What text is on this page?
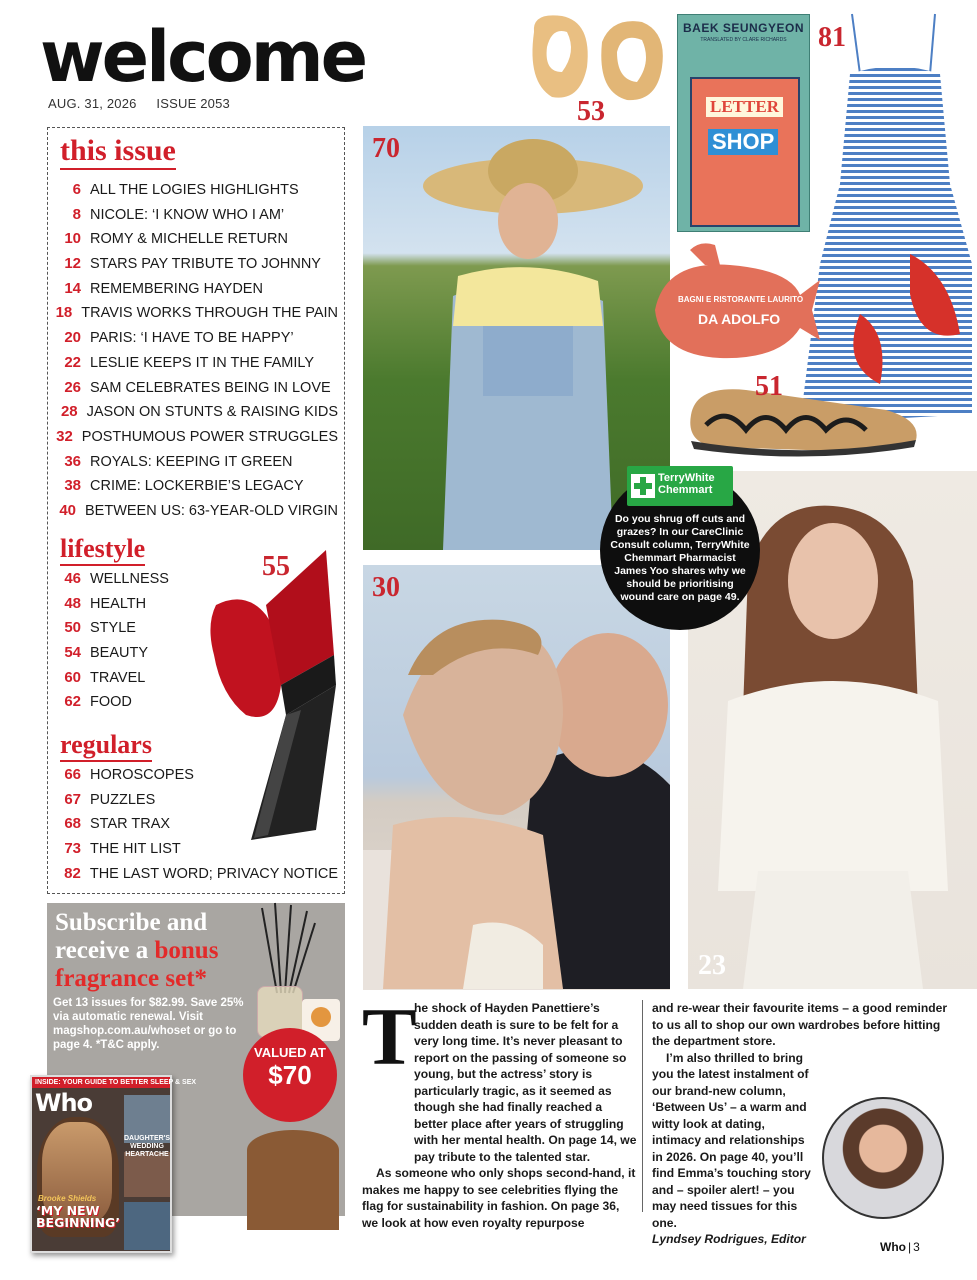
welcome
AUG. 31, 2026 ISSUE 2053
this issue
6 ALL THE LOGIES HIGHLIGHTS
8 NICOLE: ‘I KNOW WHO I AM’
10 ROMY & MICHELLE RETURN
12 STARS PAY TRIBUTE TO JOHNNY
14 REMEMBERING HAYDEN
18 TRAVIS WORKS THROUGH THE PAIN
20 PARIS: ‘I HAVE TO BE HAPPY’
22 LESLIE KEEPS IT IN THE FAMILY
26 SAM CELEBRATES BEING IN LOVE
28 JASON ON STUNTS & RAISING KIDS
32 POSTHUMOUS POWER STRUGGLES
36 ROYALS: KEEPING IT GREEN
38 CRIME: LOCKERBIE’S LEGACY
40 BETWEEN US: 63-YEAR-OLD VIRGIN
lifestyle
46 WELLNESS
48 HEALTH
50 STYLE
54 BEAUTY
60 TRAVEL
62 FOOD
regulars
66 HOROSCOPES
67 PUZZLES
68 STAR TRAX
73 THE HIT LIST
82 THE LAST WORD; PRIVACY NOTICE
55
Subscribe and
receive a bonus
fragrance set*
Get 13 issues for $82.99. Save 25% via automatic renewal. Visit magshop.com.au/whoset or go to page 4. *T&C apply.	VALUED AT
$70
INSIDE: YOUR GUIDE TO BETTER SLEEP & SEX
Who
DAUGHTER'S WEDDING HEARTACHE
Brooke Shields
‘MY NEW BEGINNING’
70
30
23
53
BAEK SEUNGYEON
TRANSLATED BY CLARE RICHARDS
LETTER
SHOP
81
BAGNI E RISTORANTE LAURITO
DA ADOLFO
51
TerryWhite
Chemmart
Do you shrug off cuts and grazes? In our CareClinic Consult column, TerryWhite Chemmart Pharmacist James Yoo shares why we should be prioritising wound care on page 49.
T

he shock of Hayden Panettiere’s sudden death is sure to be felt for a very long time. It’s never pleasant to report on the passing of someone so young, but the actress’ story is particularly tragic, as it seemed as though she had finally reached a better place after years of struggling with her mental health. On page 14, we pay tribute to the talented star.

As someone who only shops second-hand, it makes me happy to see celebrities flying the flag for sustainability in fashion. On page 36, we look at how even royalty repurpose

and re-wear their favourite items – a good reminder to us all to shop our own wardrobes before hitting the department store.

I’m also thrilled to bring you the latest instalment of our brand-new column, ‘Between Us’ – a warm and witty look at dating, intimacy and relationships in 2026. On page 40, you’ll find Emma’s touching story and – spoiler alert! – you may need tissues for this one.

Lyndsey Rodrigues, Editor

Who | 3
